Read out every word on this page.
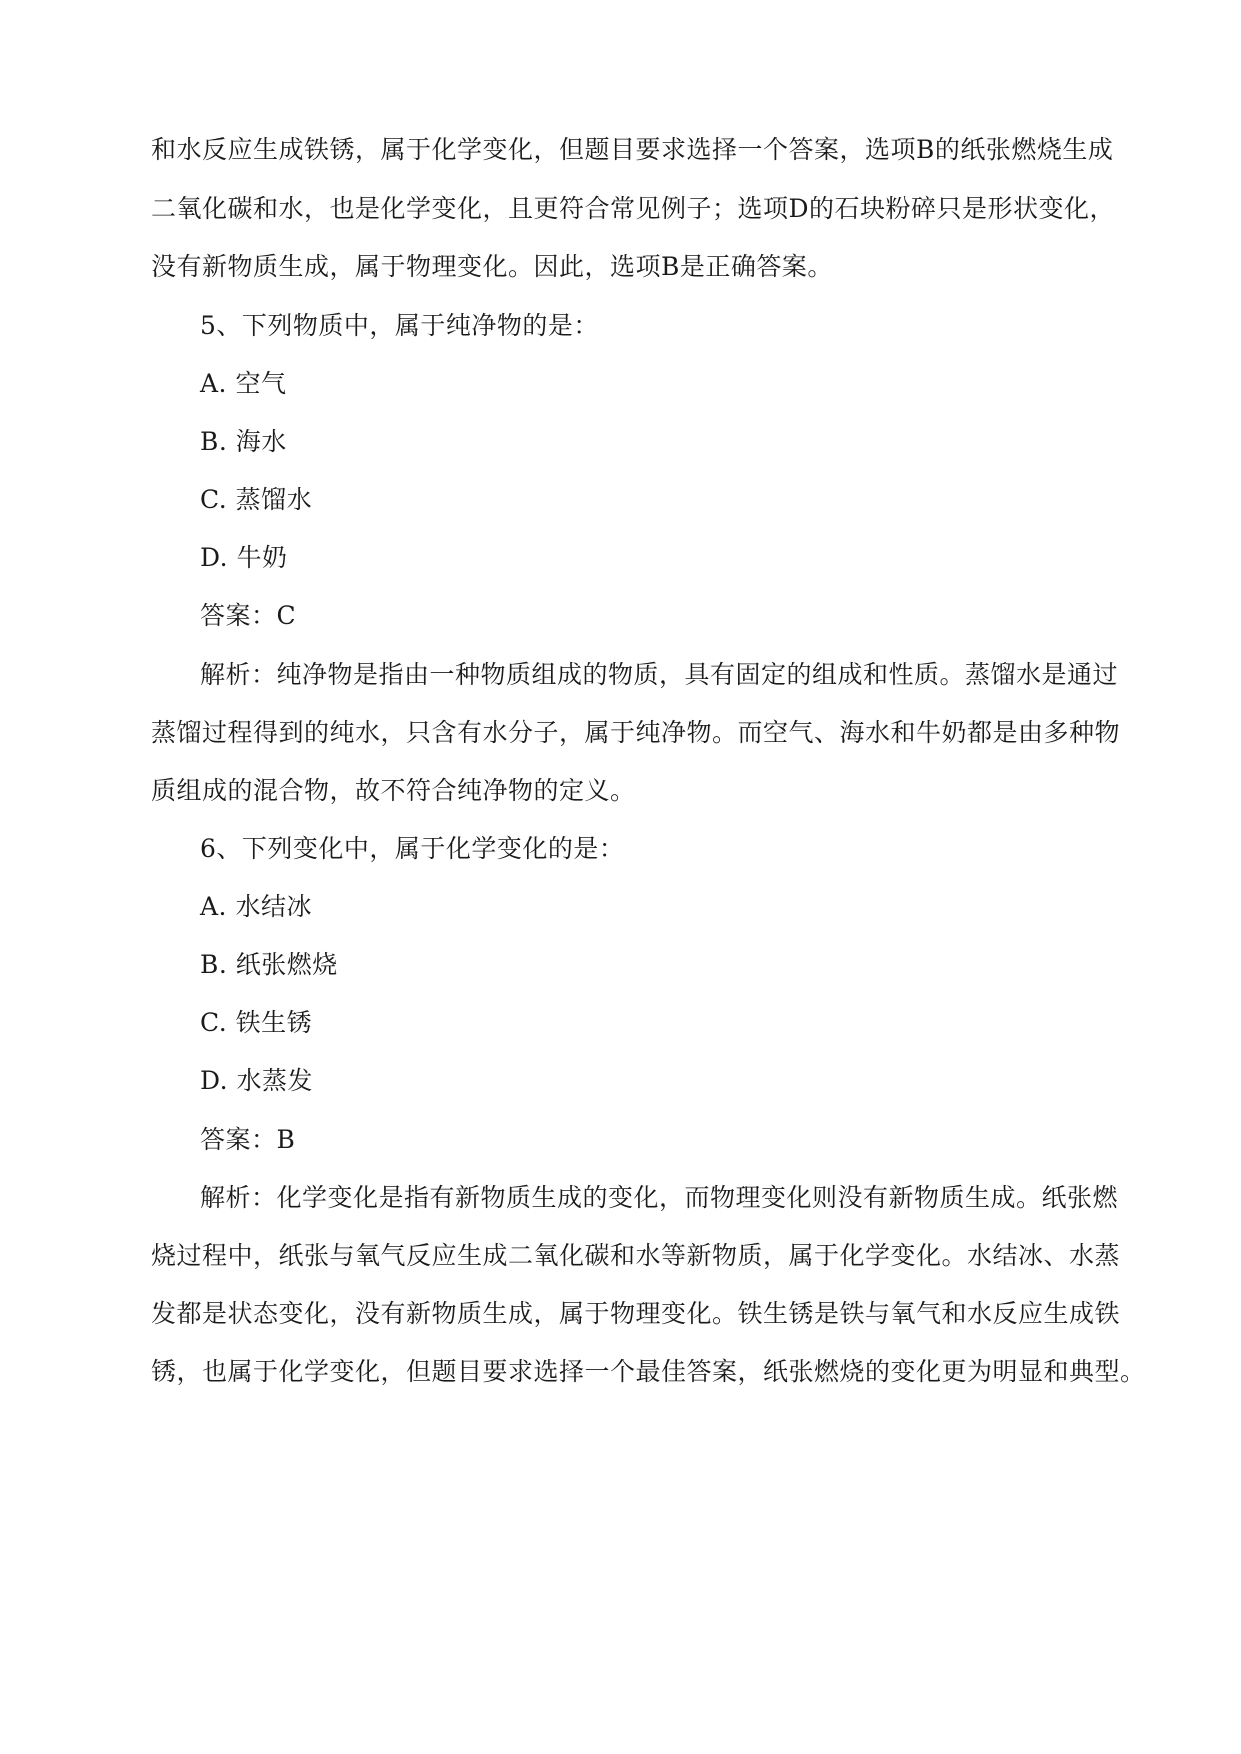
和水反应生成铁锈，属于化学变化，但题目要求选择一个答案，选项B的纸张燃烧生成
二氧化碳和水，也是化学变化，且更符合常见例子；选项D的石块粉碎只是形状变化，
没有新物质生成，属于物理变化。因此，选项B是正确答案。
5、下列物质中，属于纯净物的是：
A. 空气
B. 海水
C. 蒸馏水
D. 牛奶
答案：C
解析：纯净物是指由一种物质组成的物质，具有固定的组成和性质。蒸馏水是通过
蒸馏过程得到的纯水，只含有水分子，属于纯净物。而空气、海水和牛奶都是由多种物
质组成的混合物，故不符合纯净物的定义。
6、下列变化中，属于化学变化的是：
A. 水结冰
B. 纸张燃烧
C. 铁生锈
D. 水蒸发
答案：B
解析：化学变化是指有新物质生成的变化，而物理变化则没有新物质生成。纸张燃
烧过程中，纸张与氧气反应生成二氧化碳和水等新物质，属于化学变化。水结冰、水蒸
发都是状态变化，没有新物质生成，属于物理变化。铁生锈是铁与氧气和水反应生成铁
锈，也属于化学变化，但题目要求选择一个最佳答案，纸张燃烧的变化更为明显和典型。
